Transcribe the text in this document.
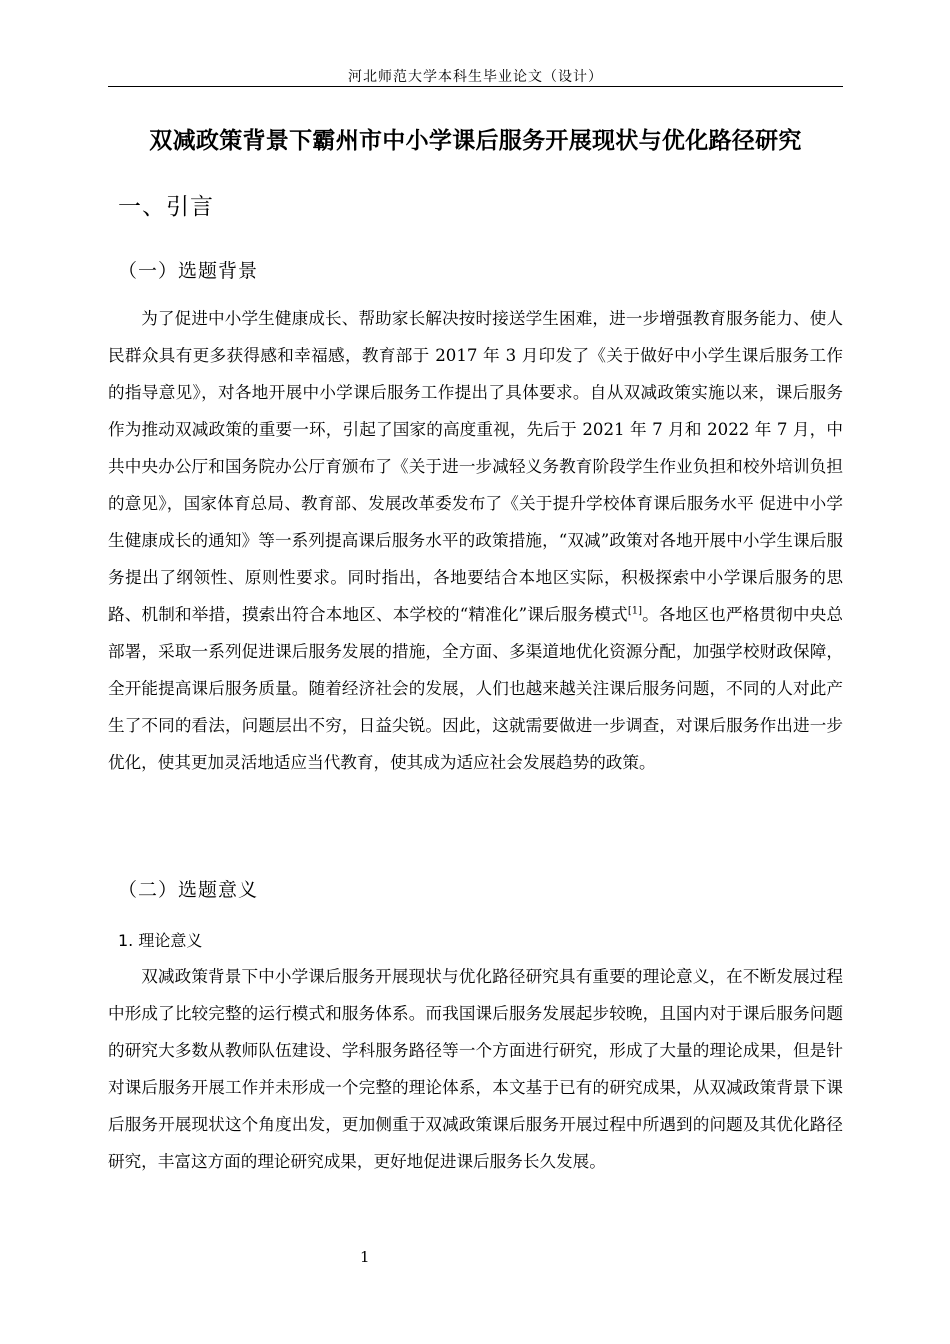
河北师范大学本科生毕业论文（设计）
双减政策背景下霸州市中小学课后服务开展现状与优化路径研究
一、引言
（一）选题背景

为了促进中小学生健康成长、帮助家长解决按时接送学生困难，进一步增强教育服务能力、使人民群众具有更多获得感和幸福感，教育部于 2017 年 3 月印发了《关于做好中小学生课后服务工作的指导意见》，对各地开展中小学课后服务工作提出了具体要求。自从双减政策实施以来，课后服务作为推动双减政策的重要一环，引起了国家的高度重视，先后于 2021 年 7 月和 2022 年 7 月，中共中央办公厅和国务院办公厅育颁布了《关于进一步减轻义务教育阶段学生作业负担和校外培训负担的意见》，国家体育总局、教育部、发展改革委发布了《关于提升学校体育课后服务水平 促进中小学生健康成长的通知》等一系列提高课后服务水平的政策措施，“双减”政策对各地开展中小学生课后服务提出了纲领性、原则性要求。同时指出，各地要结合本地区实际，积极探索中小学课后服务的思路、机制和举措，摸索出符合本地区、本学校的“精准化”课后服务模式[1]。各地区也严格贯彻中央总部署，采取一系列促进课后服务发展的措施，全方面、多渠道地优化资源分配，加强学校财政保障，全开能提高课后服务质量。随着经济社会的发展，人们也越来越关注课后服务问题，不同的人对此产生了不同的看法，问题层出不穷，日益尖锐。因此，这就需要做进一步调查，对课后服务作出进一步优化，使其更加灵活地适应当代教育，使其成为适应社会发展趋势的政策。

（二）选题意义
1. 理论意义

双减政策背景下中小学课后服务开展现状与优化路径研究具有重要的理论意义，在不断发展过程中形成了比较完整的运行模式和服务体系。而我国课后服务发展起步较晚，且国内对于课后服务问题的研究大多数从教师队伍建设、学科服务路径等一个方面进行研究，形成了大量的理论成果，但是针对课后服务开展工作并未形成一个完整的理论体系，本文基于已有的研究成果，从双减政策背景下课后服务开展现状这个角度出发，更加侧重于双减政策课后服务开展过程中所遇到的问题及其优化路径研究，丰富这方面的理论研究成果，更好地促进课后服务长久发展。

1
